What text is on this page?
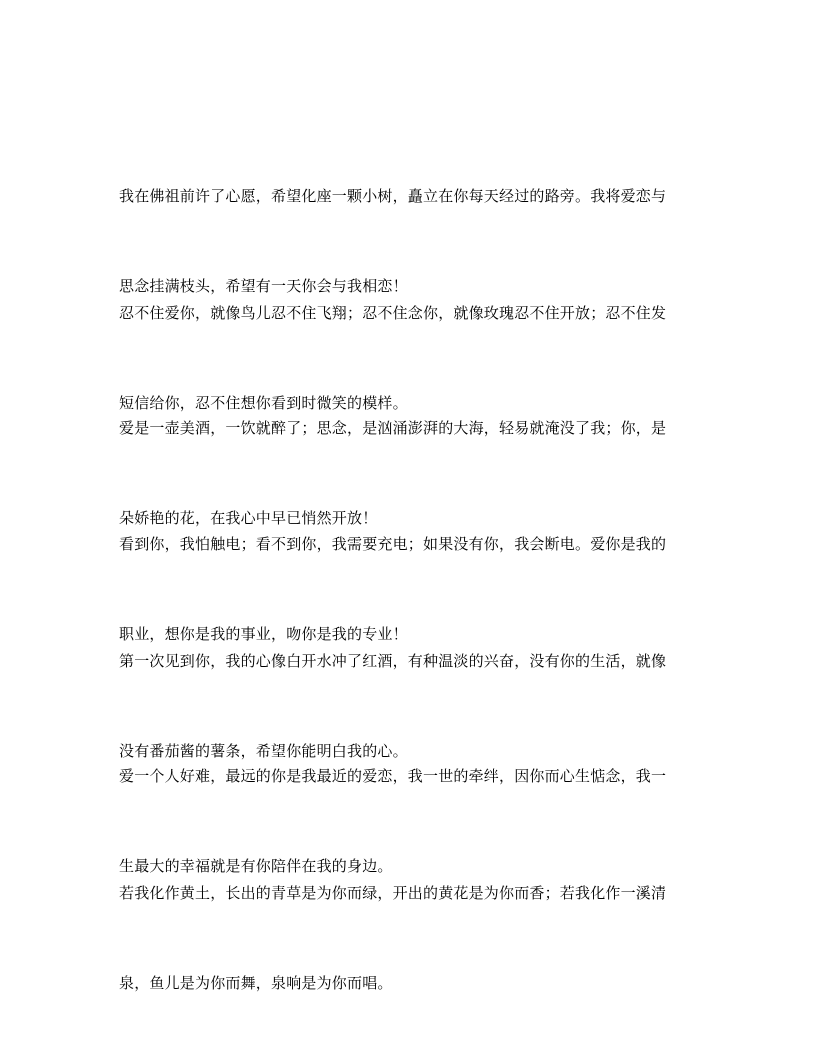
我在佛祖前许了心愿，希望化座一颗小树，矗立在你每天经过的路旁。我将爱恋与

思念挂满枝头，希望有一天你会与我相恋！

忍不住爱你，就像鸟儿忍不住飞翔；忍不住念你，就像玫瑰忍不住开放；忍不住发

短信给你，忍不住想你看到时微笑的模样。

爱是一壶美酒，一饮就醉了；思念，是汹涌澎湃的大海，轻易就淹没了我；你，是

朵娇艳的花，在我心中早已悄然开放！

看到你，我怕触电；看不到你，我需要充电；如果没有你，我会断电。爱你是我的

职业，想你是我的事业，吻你是我的专业！

第一次见到你，我的心像白开水冲了红酒，有种温淡的兴奋，没有你的生活，就像

没有番茄酱的薯条，希望你能明白我的心。

爱一个人好难，最远的你是我最近的爱恋，我一世的牵绊，因你而心生惦念，我一

生最大的幸福就是有你陪伴在我的身边。

若我化作黄土，长出的青草是为你而绿，开出的黄花是为你而香；若我化作一溪清

泉，鱼儿是为你而舞，泉响是为你而唱。
